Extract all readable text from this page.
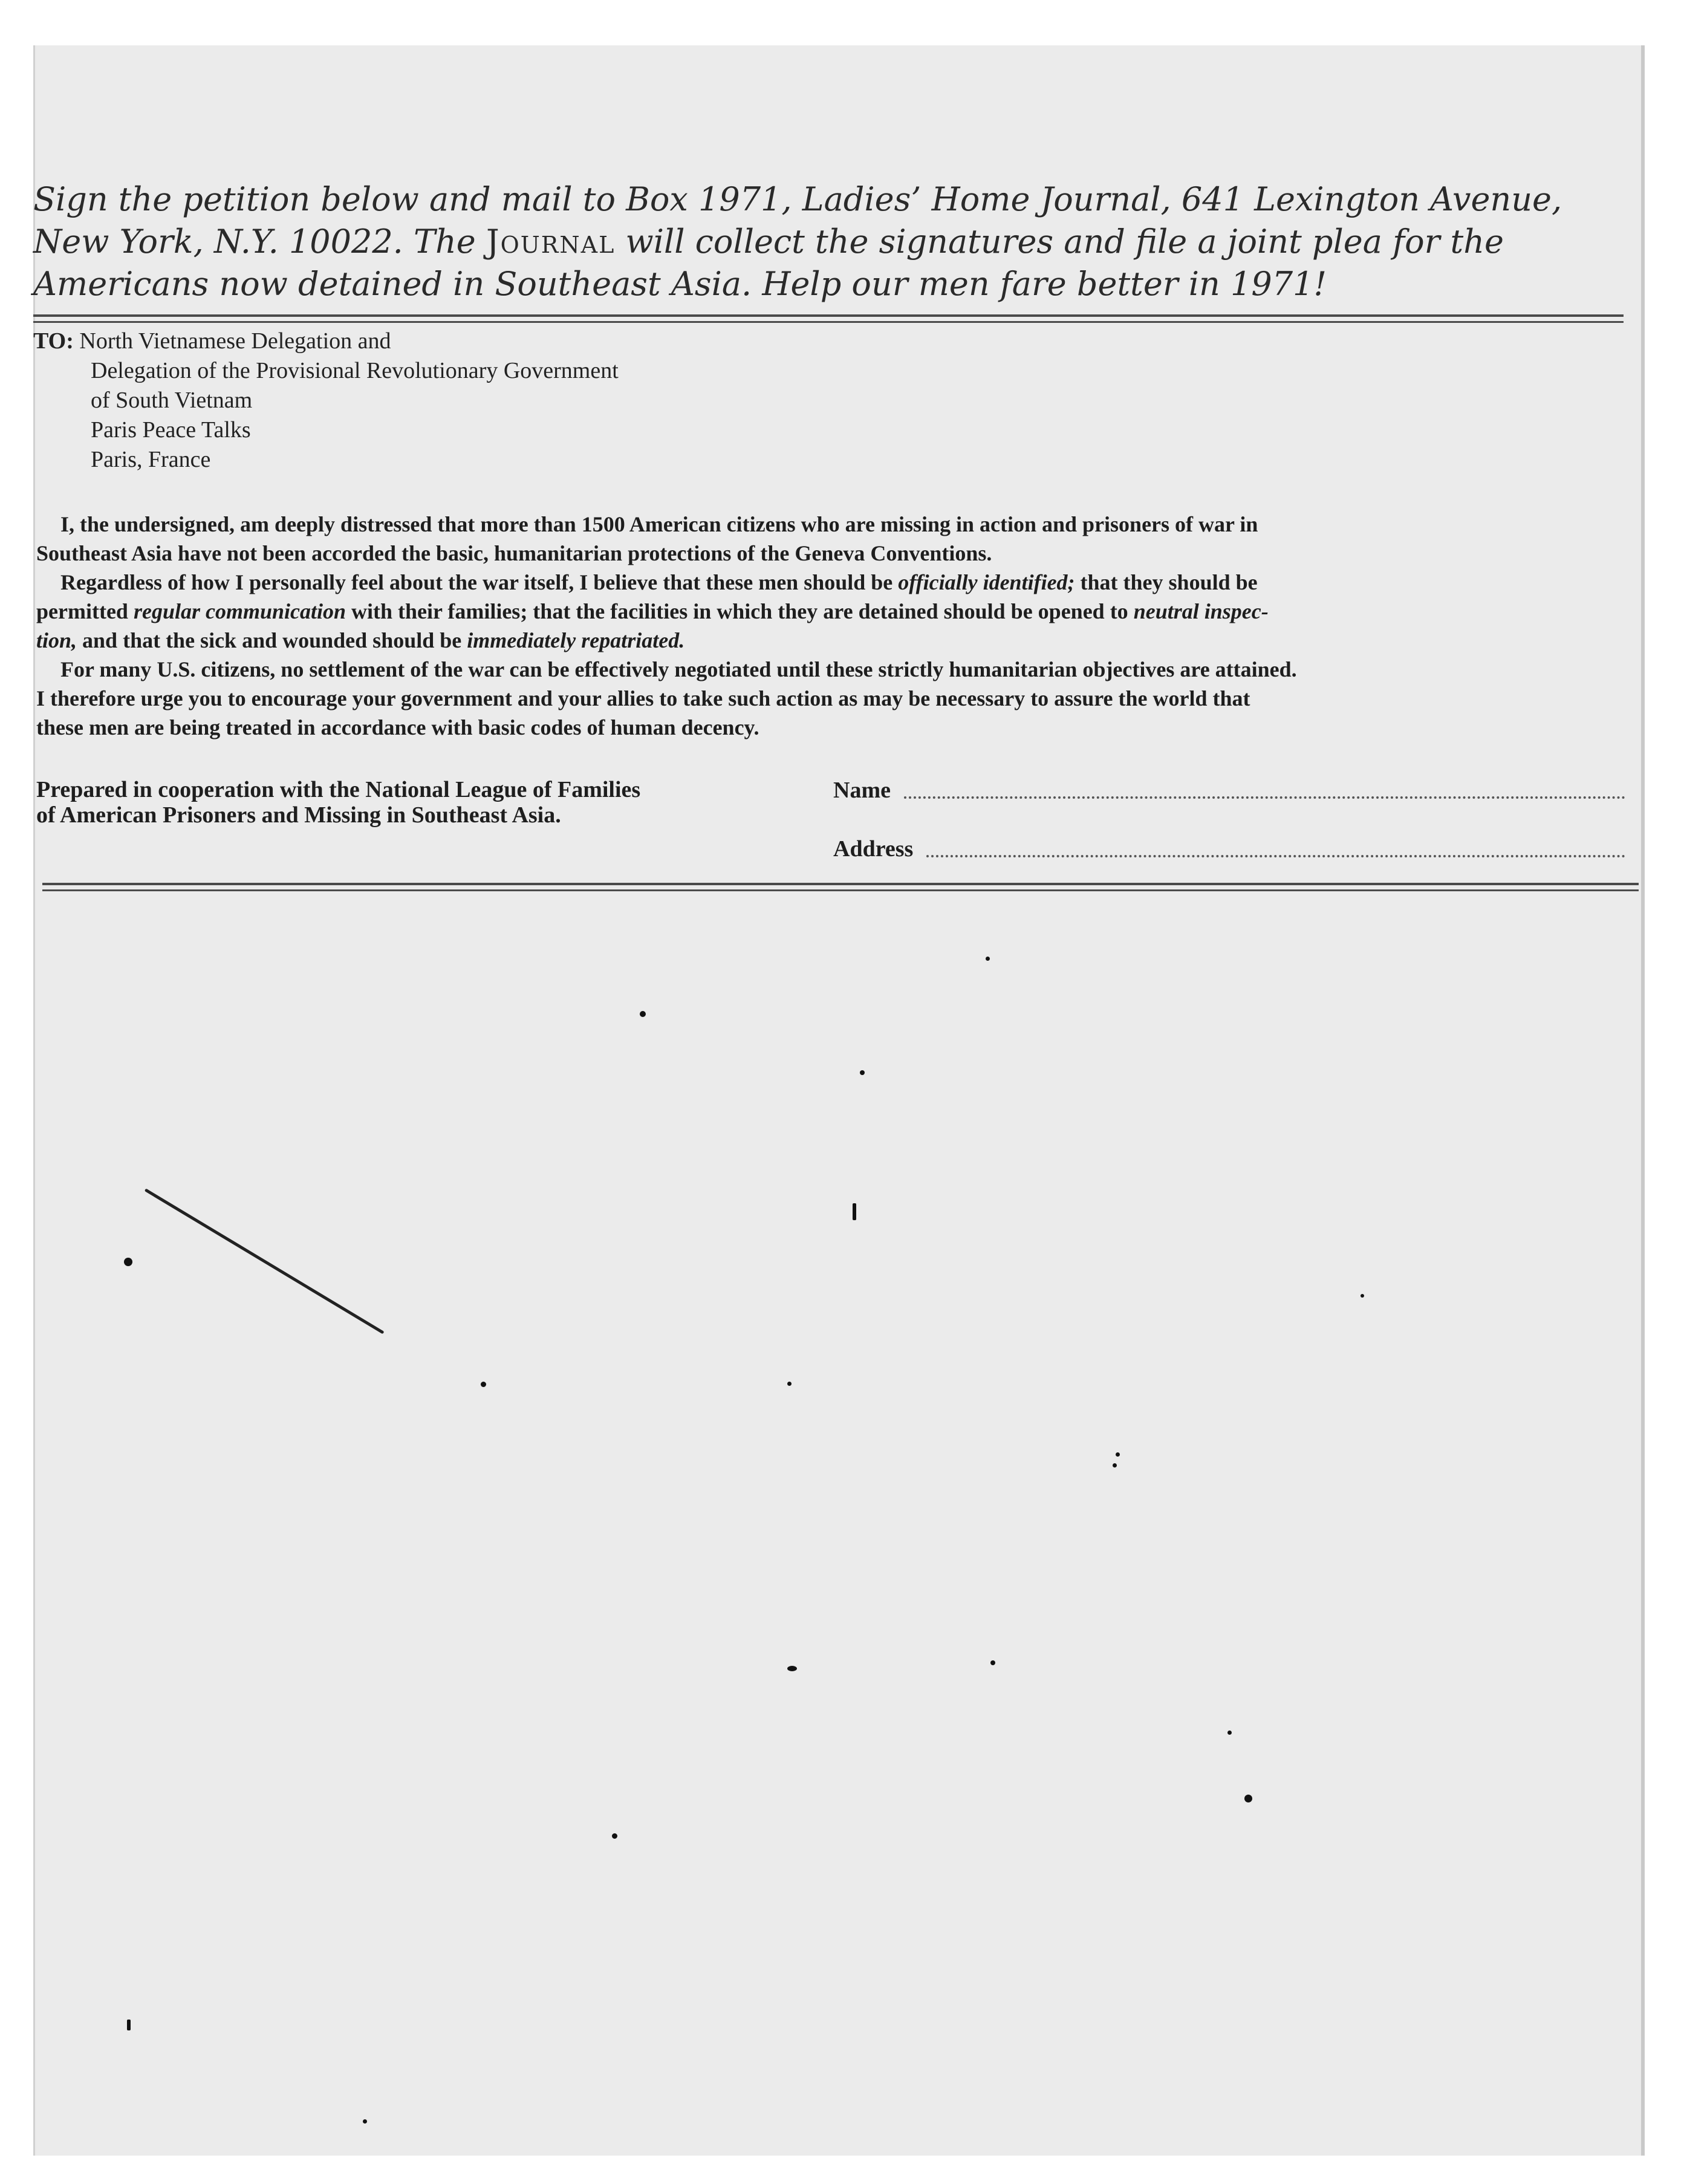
Sign the petition below and mail to Box 1971, Ladies’ Home Journal, 641 Lexington Avenue,
New York, N.Y. 10022. The Journal will collect the signatures and file a joint plea for the
Americans now detained in Southeast Asia. Help our men fare better in 1971!
TO: North Vietnamese Delegation and
Delegation of the Provisional Revolutionary Government
of South Vietnam
Paris Peace Talks
Paris, France
I, the undersigned, am deeply distressed that more than 1500 American citizens who are missing in action and prisoners of war in
Southeast Asia have not been accorded the basic, humanitarian protections of the Geneva Conventions.
Regardless of how I personally feel about the war itself, I believe that these men should be officially identified; that they should be
permitted regular communication with their families; that the facilities in which they are detained should be opened to neutral inspec-
tion, and that the sick and wounded should be immediately repatriated.
For many U.S. citizens, no settlement of the war can be effectively negotiated until these strictly humanitarian objectives are attained.
I therefore urge you to encourage your government and your allies to take such action as may be necessary to assure the world that
these men are being treated in accordance with basic codes of human decency.
Prepared in cooperation with the National League of Families
of American Prisoners and Missing in Southeast Asia.
Name
Address
